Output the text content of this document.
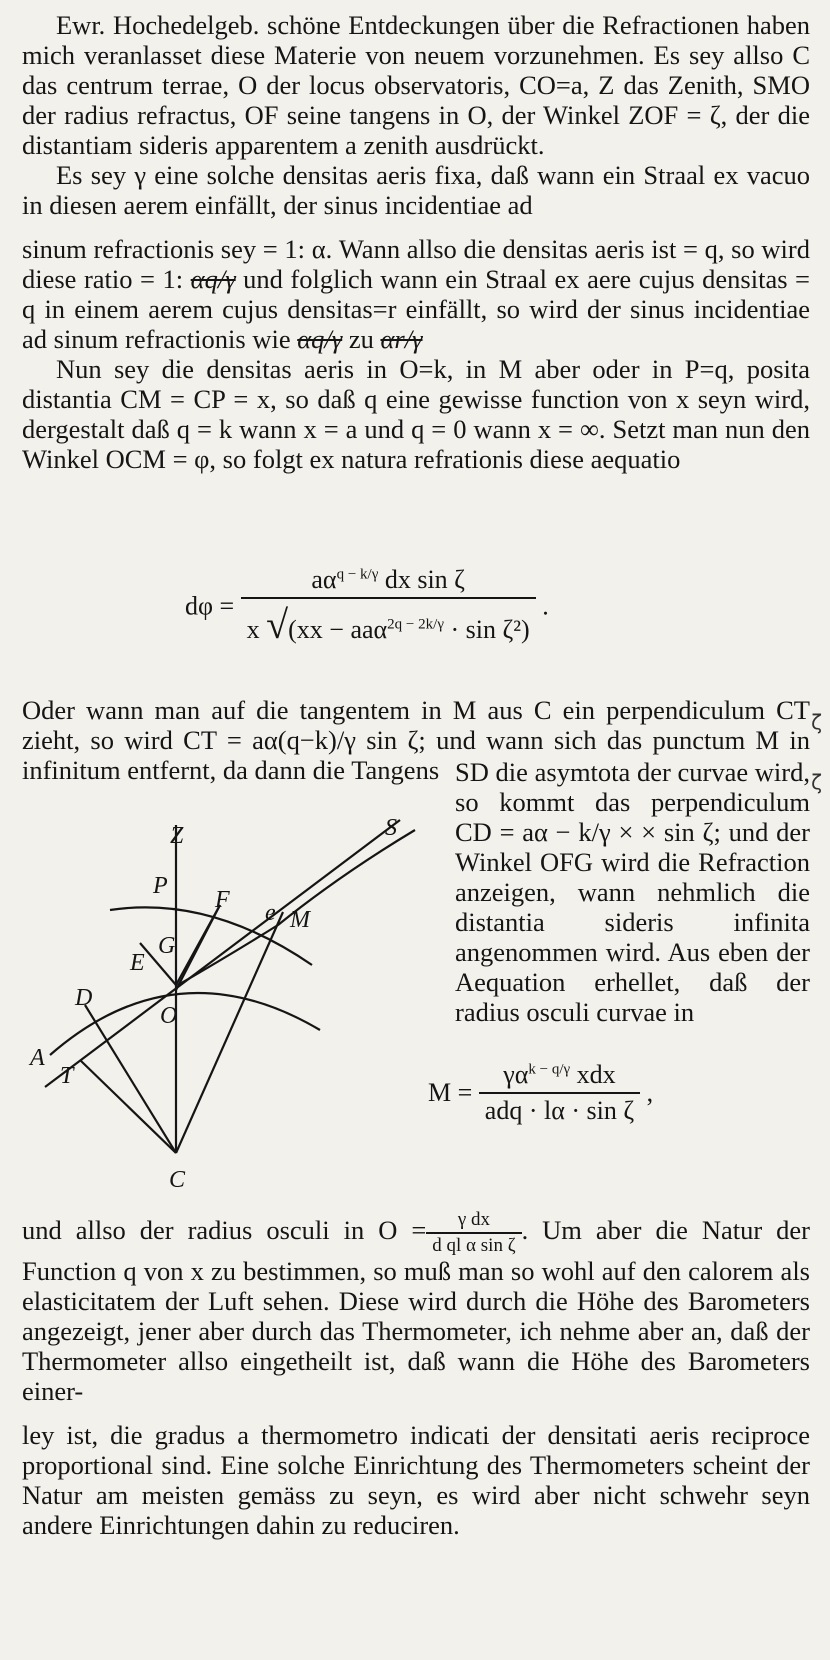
Ewr. Hochedelgeb. schöne Entdeckungen über die Refractionen haben mich veranlasset diese Materie von neuem vorzunehmen. Es sey allso C das centrum terrae, O der locus observatoris, CO=a, Z das Zenith, SMO der radius refractus, OF seine tangens in O, der Winkel ZOF = ζ, der die distantiam sideris apparentem a zenith ausdrückt.

Es sey γ eine solche densitas aeris fixa, daß wann ein Straal ex vacuo in diesen aerem einfällt, der sinus incidentiae ad

sinum refractionis sey = 1: α. Wann allso die densitas aeris ist = q, so wird diese ratio = 1: αq/γ und folglich wann ein Straal ex aere cujus densitas = q in einem aerem cujus densitas=r einfällt, so wird der sinus incidentiae ad sinum refractionis wie αq/γ zu αr/γ

Nun sey die densitas aeris in O=k, in M aber oder in P=q, posita distantia CM = CP = x, so daß q eine gewisse function von x seyn wird, dergestalt daß q = k wann x = a und q = 0 wann x = ∞. Setzt man nun den Winkel OCM = φ, so folgt ex natura refrationis diese aequatio

$d\varphi = \frac{a\alpha^{q - k/\gamma} dx \sin \zeta}{x √(xx - aa\alpha^{2q - 2k/\gamma} \cdot \sin \zeta^2)}$ .

Oder wann man auf die tangentem in M aus C ein perpendiculum CT zieht, so wird CT = aα(q−k)/γ sin ζ; und wann sich das punctum M in infinitum entfernt, da dann die Tangens

ζ
ζ
Z	S
P
e
F
M
G
E
D
O
A
T
C
SD die asymtota der curvae wird, so kommt das perpendiculum CD = aα − k/γ × × sin ζ; und der Winkel OFG wird die Refraction anzeigen, wann nehmlich die distantia sideris infinita angenommen wird. Aus eben der Aequation erhellet, daß der radius osculi curvae in
$M = \frac{\gamma\alpha^{k - q/\gamma} xdx}{\text{adq · lα · sin ζ}}$ ,

und allso der radius osculi in $O = \frac{\text{γ dx}}{\text{d ql α sin ζ}}$ . Um aber die Natur der Function q von x zu bestimmen, so muß man so wohl auf den calorem als elasticitatem der Luft sehen. Diese wird durch die Höhe des Barometers angezeigt, jener aber durch das Thermometer, ich nehme aber an, daß der Thermometer allso eingetheilt ist, daß wann die Höhe des Barometers einer-

ley ist, die gradus a thermometro indicati der densitati aeris reciproce proportional sind. Eine solche Einrichtung des Thermometers scheint der Natur am meisten gemäss zu seyn, es wird aber nicht schwehr seyn andere Einrichtungen dahin zu reduciren.
